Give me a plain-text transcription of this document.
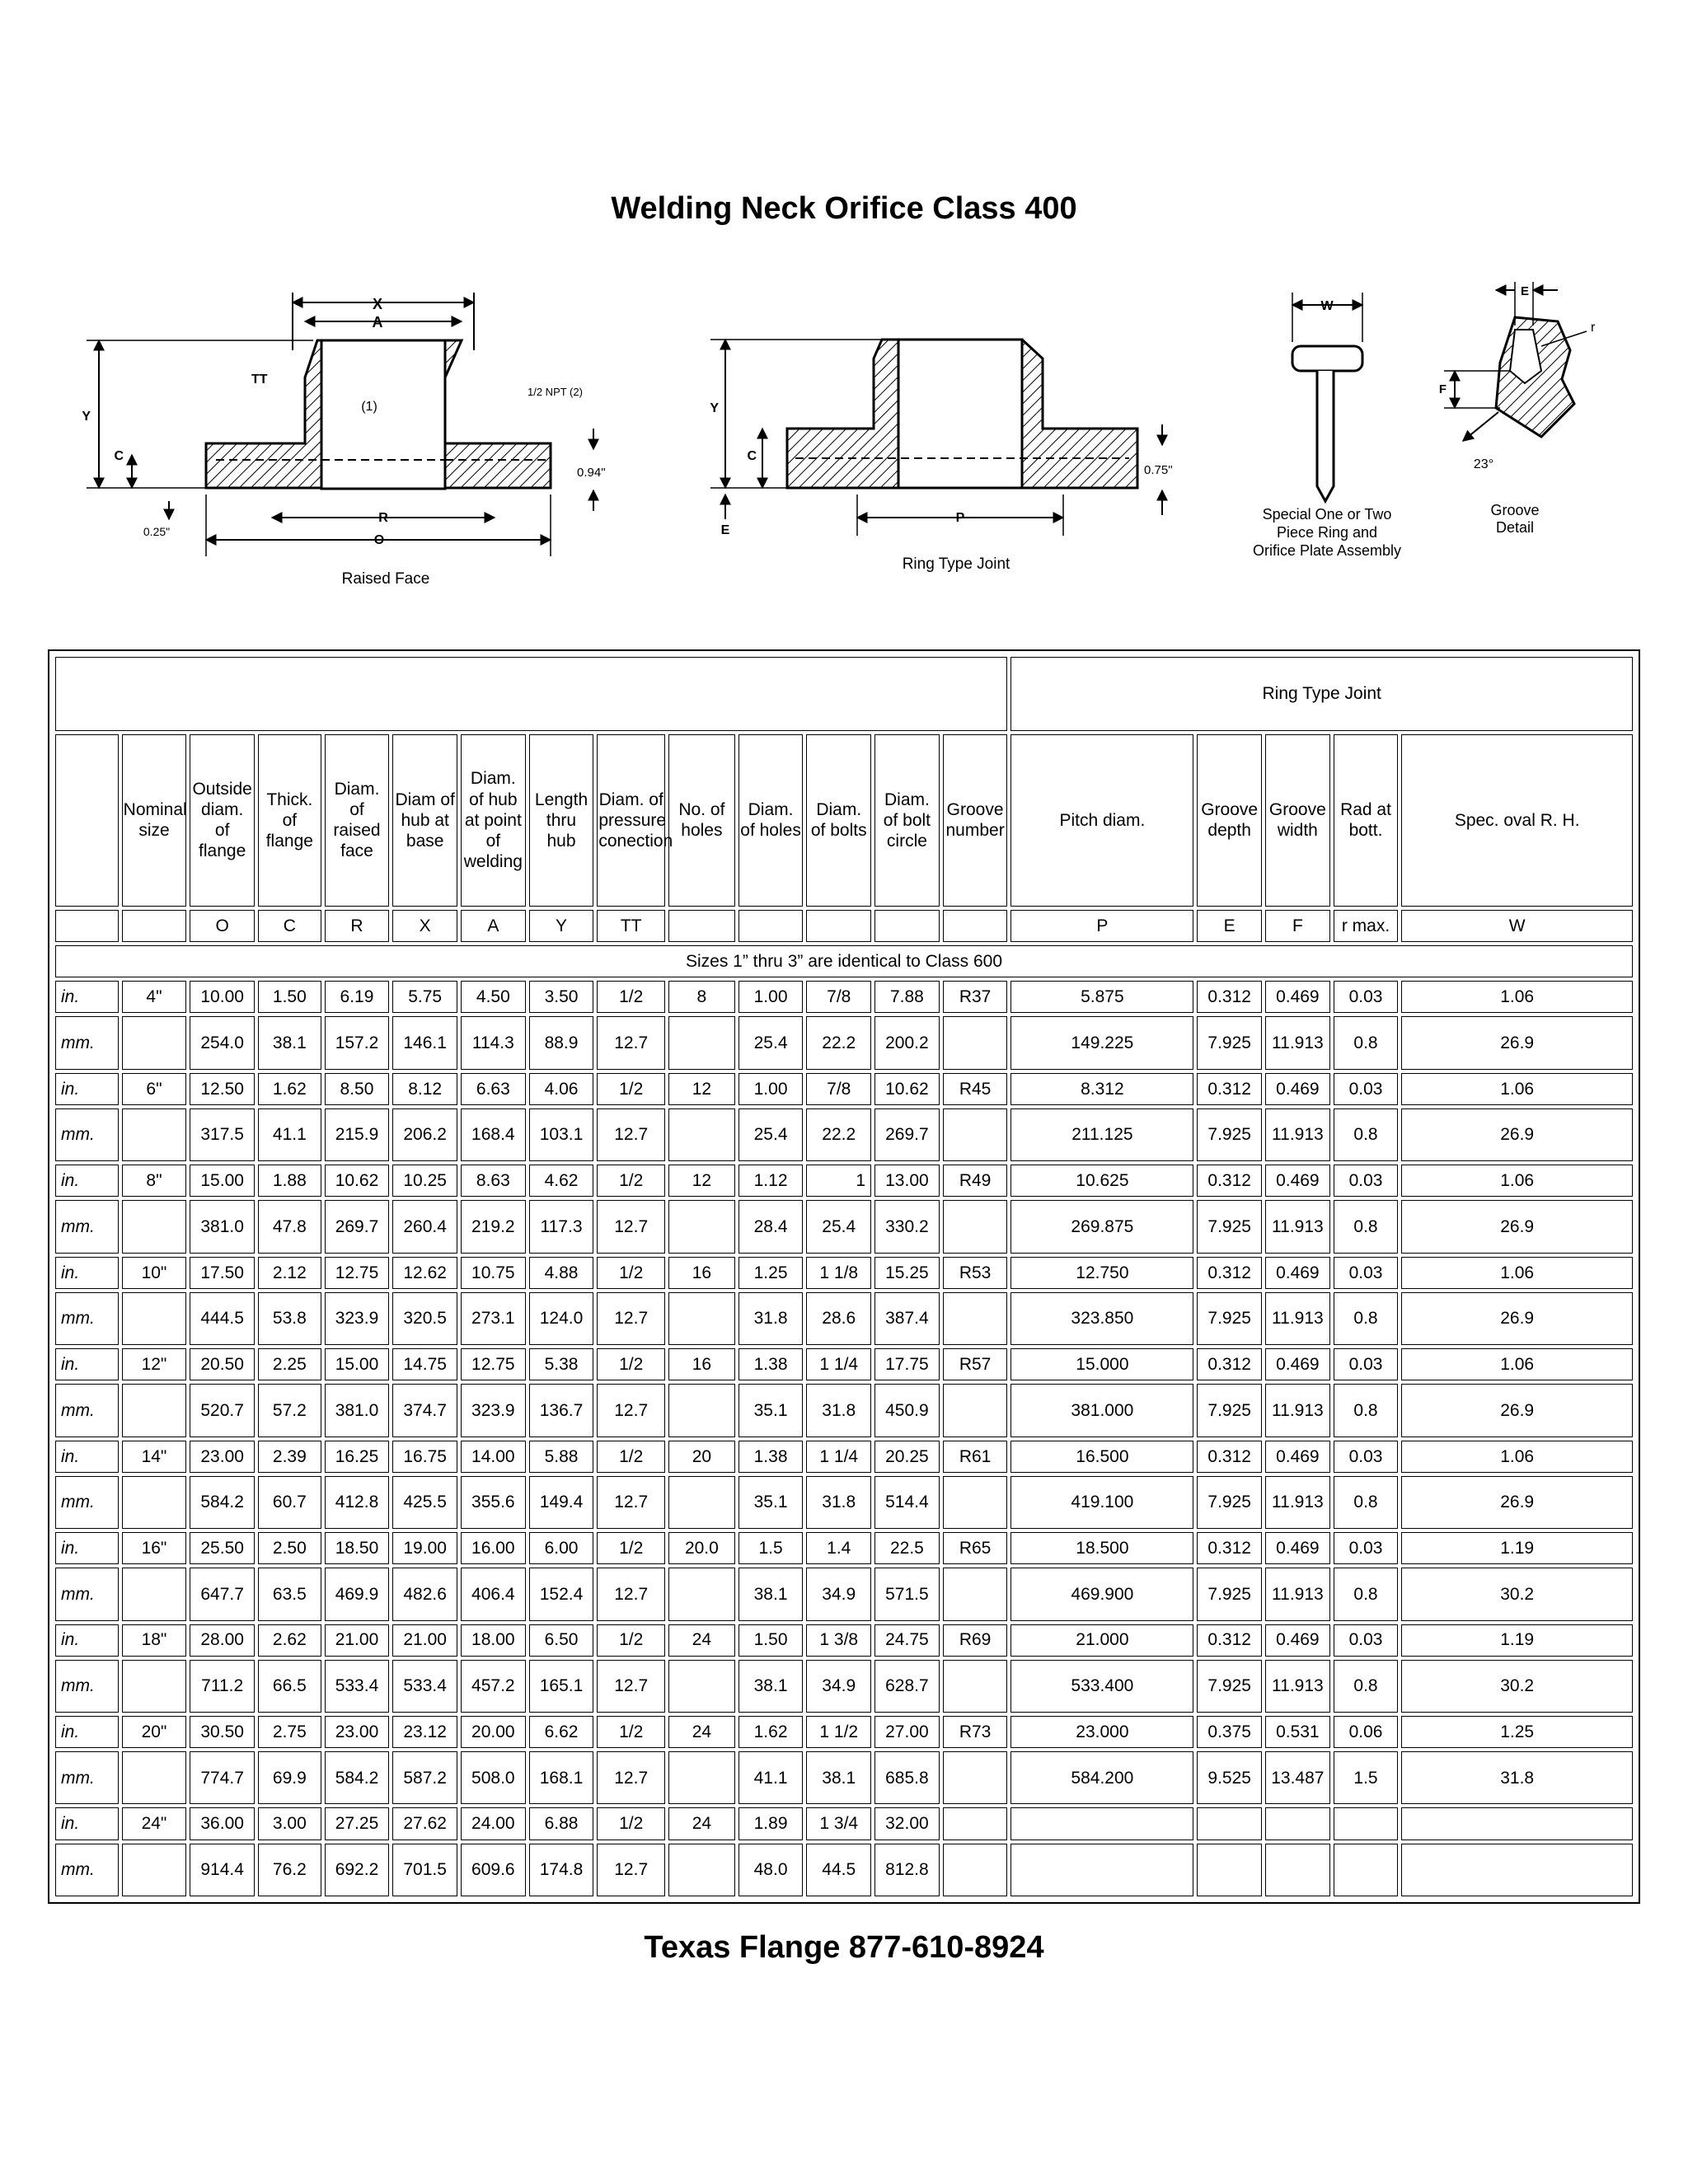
Welding Neck Orifice Class 400
X
A
TT
(1)
1/2 NPT (2)
Y
C
0.94"
0.25"
R
O
Raised Face
Y
C
E
P
0.75"
Ring Type Joint
W
Special One or Two
Piece Ring and
Orifice Plate Assembly
E
r
F
23°
Groove
Detail
														Ring Type Joint				
	Nominal size	Outside diam. of flange	Thick. of flange	Diam. of raised face	Diam of hub at base	Diam. of hub at point of welding	Length thru hub	Diam. of pressure conection	No. of holes	Diam. of holes	Diam. of bolts	Diam. of bolt circle	Groove number	Pitch diam.	Groove depth	Groove width	Rad at bott.	Spec. oval R. H.
		O	C	R	X	A	Y	TT						P	E	F	r max.	W
Sizes 1” thru 3” are identical to Class 600																		
in.	4"	10.00	1.50	6.19	5.75	4.50	3.50	1/2	8	1.00	7/8	7.88	R37	5.875	0.312	0.469	0.03	1.06
mm.		254.0	38.1	157.2	146.1	114.3	88.9	12.7		25.4	22.2	200.2		149.225	7.925	11.913	0.8	26.9
in.	6"	12.50	1.62	8.50	8.12	6.63	4.06	1/2	12	1.00	7/8	10.62	R45	8.312	0.312	0.469	0.03	1.06
mm.		317.5	41.1	215.9	206.2	168.4	103.1	12.7		25.4	22.2	269.7		211.125	7.925	11.913	0.8	26.9
in.	8"	15.00	1.88	10.62	10.25	8.63	4.62	1/2	12	1.12	1	13.00	R49	10.625	0.312	0.469	0.03	1.06
mm.		381.0	47.8	269.7	260.4	219.2	117.3	12.7		28.4	25.4	330.2		269.875	7.925	11.913	0.8	26.9
in.	10"	17.50	2.12	12.75	12.62	10.75	4.88	1/2	16	1.25	1 1/8	15.25	R53	12.750	0.312	0.469	0.03	1.06
mm.		444.5	53.8	323.9	320.5	273.1	124.0	12.7		31.8	28.6	387.4		323.850	7.925	11.913	0.8	26.9
in.	12"	20.50	2.25	15.00	14.75	12.75	5.38	1/2	16	1.38	1 1/4	17.75	R57	15.000	0.312	0.469	0.03	1.06
mm.		520.7	57.2	381.0	374.7	323.9	136.7	12.7		35.1	31.8	450.9		381.000	7.925	11.913	0.8	26.9
in.	14"	23.00	2.39	16.25	16.75	14.00	5.88	1/2	20	1.38	1 1/4	20.25	R61	16.500	0.312	0.469	0.03	1.06
mm.		584.2	60.7	412.8	425.5	355.6	149.4	12.7		35.1	31.8	514.4		419.100	7.925	11.913	0.8	26.9
in.	16"	25.50	2.50	18.50	19.00	16.00	6.00	1/2	20.0	1.5	1.4	22.5	R65	18.500	0.312	0.469	0.03	1.19
mm.		647.7	63.5	469.9	482.6	406.4	152.4	12.7		38.1	34.9	571.5		469.900	7.925	11.913	0.8	30.2
in.	18"	28.00	2.62	21.00	21.00	18.00	6.50	1/2	24	1.50	1 3/8	24.75	R69	21.000	0.312	0.469	0.03	1.19
mm.		711.2	66.5	533.4	533.4	457.2	165.1	12.7		38.1	34.9	628.7		533.400	7.925	11.913	0.8	30.2
in.	20"	30.50	2.75	23.00	23.12	20.00	6.62	1/2	24	1.62	1 1/2	27.00	R73	23.000	0.375	0.531	0.06	1.25
mm.		774.7	69.9	584.2	587.2	508.0	168.1	12.7		41.1	38.1	685.8		584.200	9.525	13.487	1.5	31.8
in.	24"	36.00	3.00	27.25	27.62	24.00	6.88	1/2	24	1.89	1 3/4	32.00						
mm.		914.4	76.2	692.2	701.5	609.6	174.8	12.7		48.0	44.5	812.8						
Texas Flange 877-610-8924
